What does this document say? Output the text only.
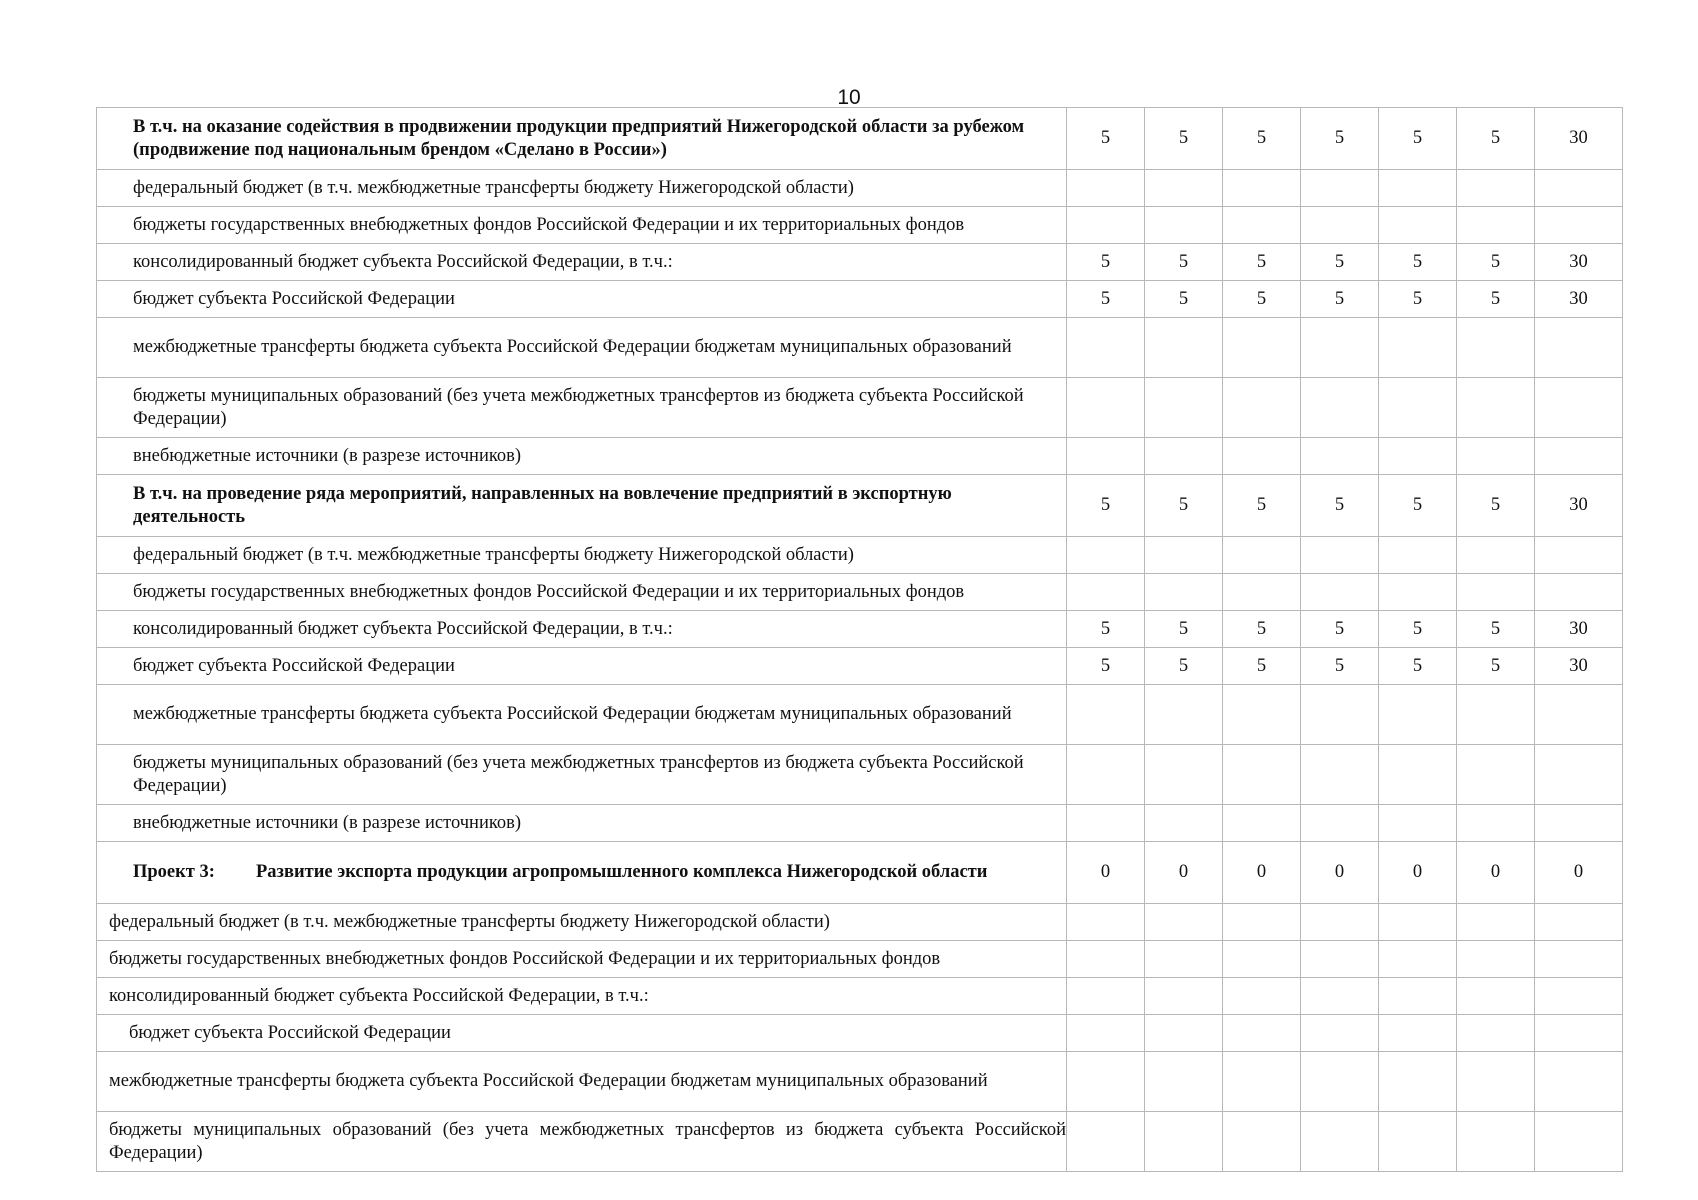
10
В т.ч. на оказание содействия в продвижении продукции предприятий Нижегородской области за рубежом (продвижение под национальным брендом «Сделано в России»)	5	5	5	5	5	5	30
федеральный бюджет (в т.ч. межбюджетные трансферты бюджету Нижегородской области)							
бюджеты государственных внебюджетных фондов Российской Федерации и их территориальных фондов							
консолидированный бюджет субъекта Российской Федерации, в т.ч.:	5	5	5	5	5	5	30
бюджет субъекта Российской Федерации	5	5	5	5	5	5	30
межбюджетные трансферты бюджета субъекта Российской Федерации бюджетам муниципальных образований							
бюджеты муниципальных образований (без учета межбюджетных трансфертов из бюджета субъекта Российской Федерации)							
внебюджетные источники (в разрезе источников)							
В т.ч. на проведение ряда мероприятий, направленных на вовлечение предприятий в экспортную деятельность	5	5	5	5	5	5	30
федеральный бюджет (в т.ч. межбюджетные трансферты бюджету Нижегородской области)							
бюджеты государственных внебюджетных фондов Российской Федерации и их территориальных фондов							
консолидированный бюджет субъекта Российской Федерации, в т.ч.:	5	5	5	5	5	5	30
бюджет субъекта Российской Федерации	5	5	5	5	5	5	30
межбюджетные трансферты бюджета субъекта Российской Федерации бюджетам муниципальных образований							
бюджеты муниципальных образований (без учета межбюджетных трансфертов из бюджета субъекта Российской Федерации)							
внебюджетные источники (в разрезе источников)							
Проект 3: Развитие экспорта продукции агропромышленного комплекса Нижегородской области	0	0	0	0	0	0	0
федеральный бюджет (в т.ч. межбюджетные трансферты бюджету Нижегородской области)							
бюджеты государственных внебюджетных фондов Российской Федерации и их территориальных фондов							
консолидированный бюджет субъекта Российской Федерации, в т.ч.:							
бюджет субъекта Российской Федерации							
межбюджетные трансферты бюджета субъекта Российской Федерации бюджетам муниципальных образований							
бюджеты муниципальных образований (без учета межбюджетных трансфертов из бюджета субъекта Российской Федерации)							
